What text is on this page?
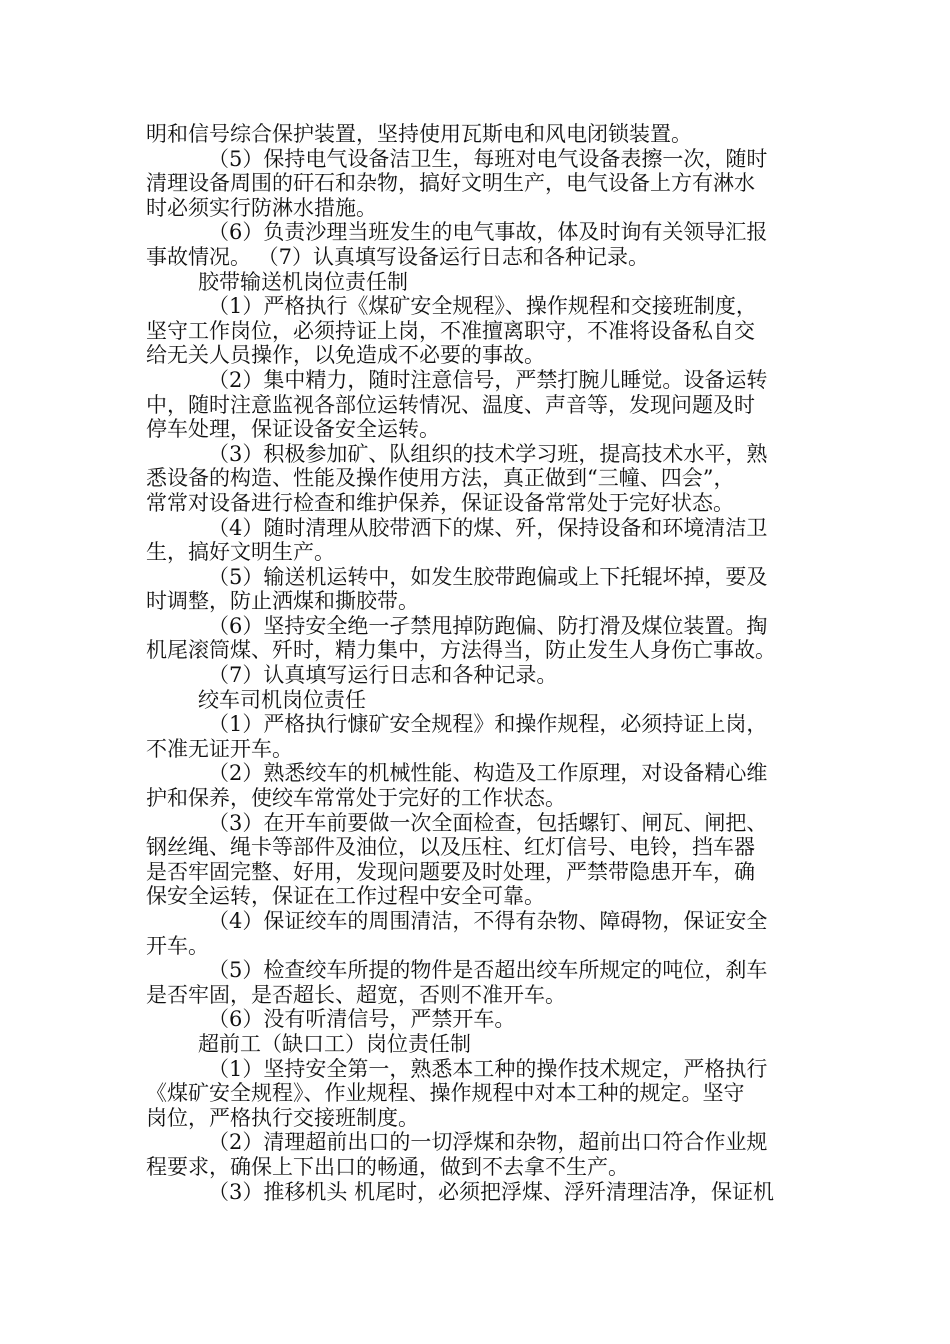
明和信号综合保护装置，坚持使用瓦斯电和风电闭锁装置。
（5）保持电气设备洁卫生，每班对电气设备表擦一次，随时
清理设备周围的矸石和杂物，搞好文明生产，电气设备上方有淋水
时必须实行防淋水措施。
（6）负责沙理当班发生的电气事故，体及时询有关领导汇报
事故情况。 （7）认真填写设备运行日志和各种记录。
胶带输送机岗位责任制
（1）严格执行《煤矿安全规程》、操作规程和交接班制度，
坚守工作岗位，必须持证上岗，不准擅离职守，不准将设备私自交
给无关人员操作，以免造成不必要的事故。
（2）集中精力，随时注意信号，严禁打腕儿睡觉。设备运转
中，随时注意监视各部位运转情况、温度、声音等，发现问题及时
停车处理，保证设备安全运转。
（3）积极参加矿、队组织的技术学习班，提高技术水平，熟
悉设备的构造、性能及操作使用方法，真正做到“三幢、四会”，
常常对设备进行检查和维护保养，保证设备常常处于完好状态。
（4）随时清理从胶带洒下的煤、歼，保持设备和环境清洁卫
生，搞好文明生产。
（5）输送机运转中，如发生胶带跑偏或上下托辊坏掉，要及
时调整，防止洒煤和撕胶带。
（6）坚持安全绝一孑禁甩掉防跑偏、防打滑及煤位装置。掏
机尾滚筒煤、歼时，精力集中，方法得当，防止发生人身伤亡事故。
（7）认真填写运行日志和各种记录。
绞车司机岗位责任
（1）严格执行慷矿安全规程》和操作规程，必须持证上岗，
不准无证开车。
（2）熟悉绞车的机械性能、构造及工作原理，对设备精心维
护和保养，使绞车常常处于完好的工作状态。
（3）在开车前要做一次全面检查，包括螺钉、闸瓦、闸把、
钢丝绳、绳卡等部件及油位，以及压柱、红灯信号、电铃，挡车器
是否牢固完整、好用，发现问题要及时处理，严禁带隐患开车，确
保安全运转，保证在工作过程中安全可靠。
（4）保证绞车的周围清洁，不得有杂物、障碍物，保证安全
开车。
（5）检查绞车所提的物件是否超出绞车所规定的吨位，刹车
是否牢固，是否超长、超宽，否则不准开车。
（6）没有听清信号，严禁开车。
超前工（缺口工）岗位责任制
（1）坚持安全第一，熟悉本工种的操作技术规定，严格执行
《煤矿安全规程》、作业规程、操作规程中对本工种的规定。坚守
岗位，严格执行交接班制度。
（2）清理超前出口的一切浮煤和杂物，超前出口符合作业规
程要求，确保上下出口的畅通，做到不去拿不生产。
（3）推移机头 机尾时，必须把浮煤、浮歼清理洁净，保证机
